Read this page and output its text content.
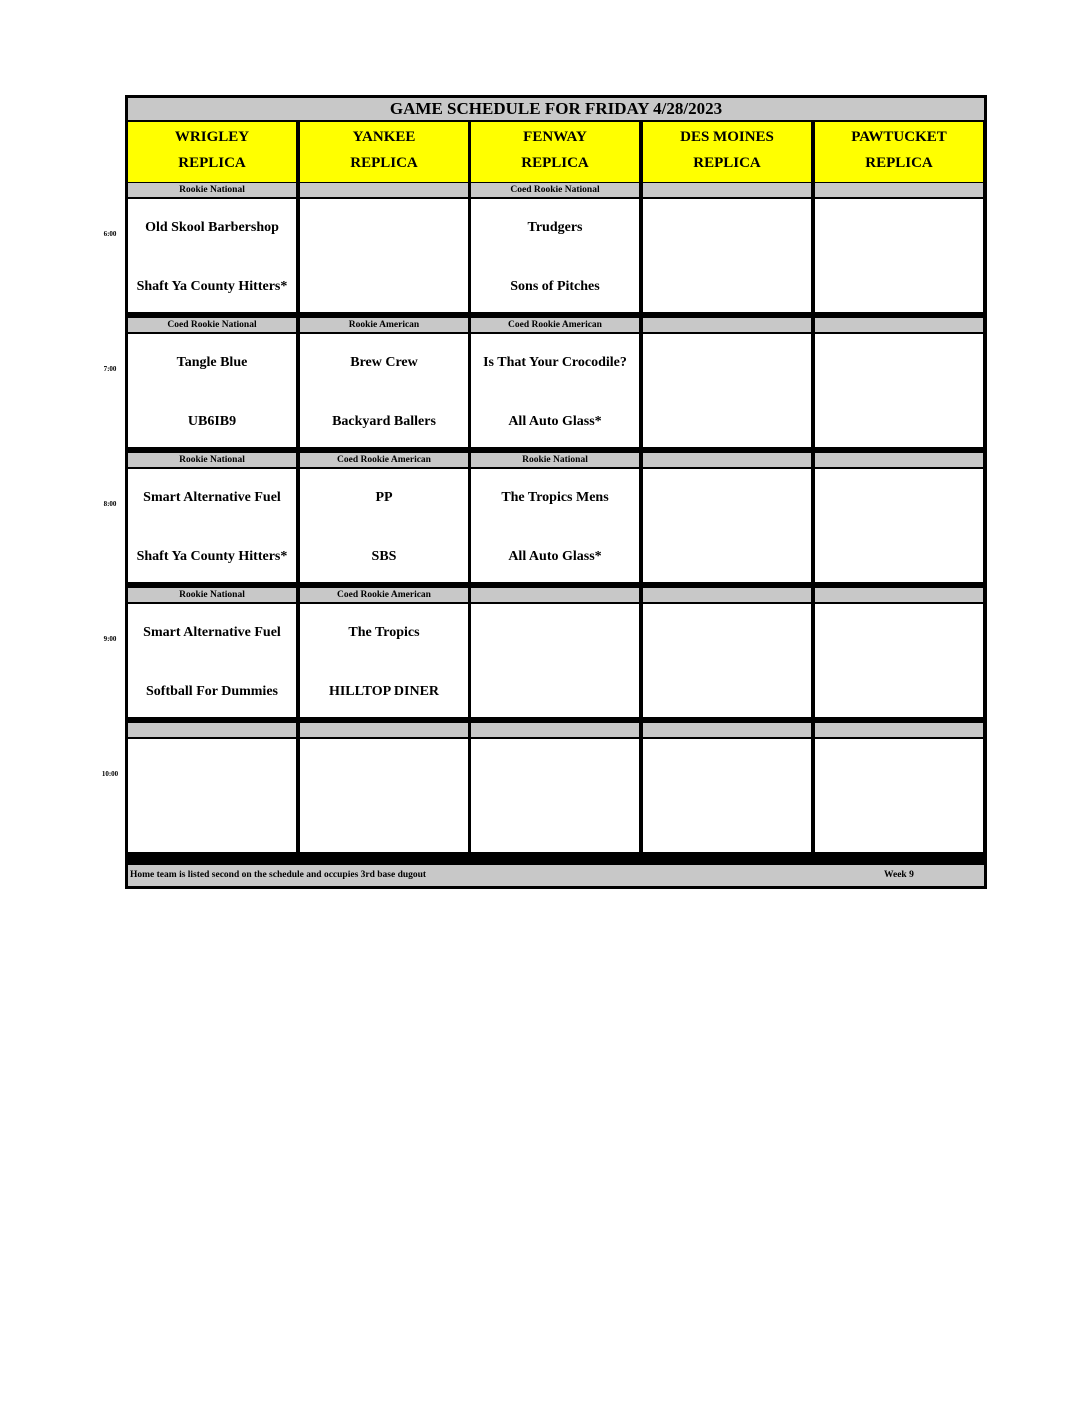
GAME SCHEDULE FOR FRIDAY 4/28/2023
Home team is listed second on the schedule and occupies 3rd base dugout	Week 9
WRIGLEY
REPLICA
YANKEE
REPLICA
FENWAY
REPLICA
DES MOINES
REPLICA
PAWTUCKET
REPLICA
Rookie National
Old Skool Barbershop
Shaft Ya County Hitters*
Coed Rookie National
Trudgers
Sons of Pitches
Coed Rookie National
Tangle Blue
UB6IB9
Rookie American
Brew Crew
Backyard Ballers
Coed Rookie American
Is That Your Crocodile?
All Auto Glass*
Rookie National
Smart Alternative Fuel
Shaft Ya County Hitters*
Coed Rookie American
PP
SBS
Rookie National
The Tropics Mens
All Auto Glass*
Rookie National
Smart Alternative Fuel
Softball For Dummies
Coed Rookie American
The Tropics
HILLTOP DINER
6:00
7:00
8:00
9:00
10:00
